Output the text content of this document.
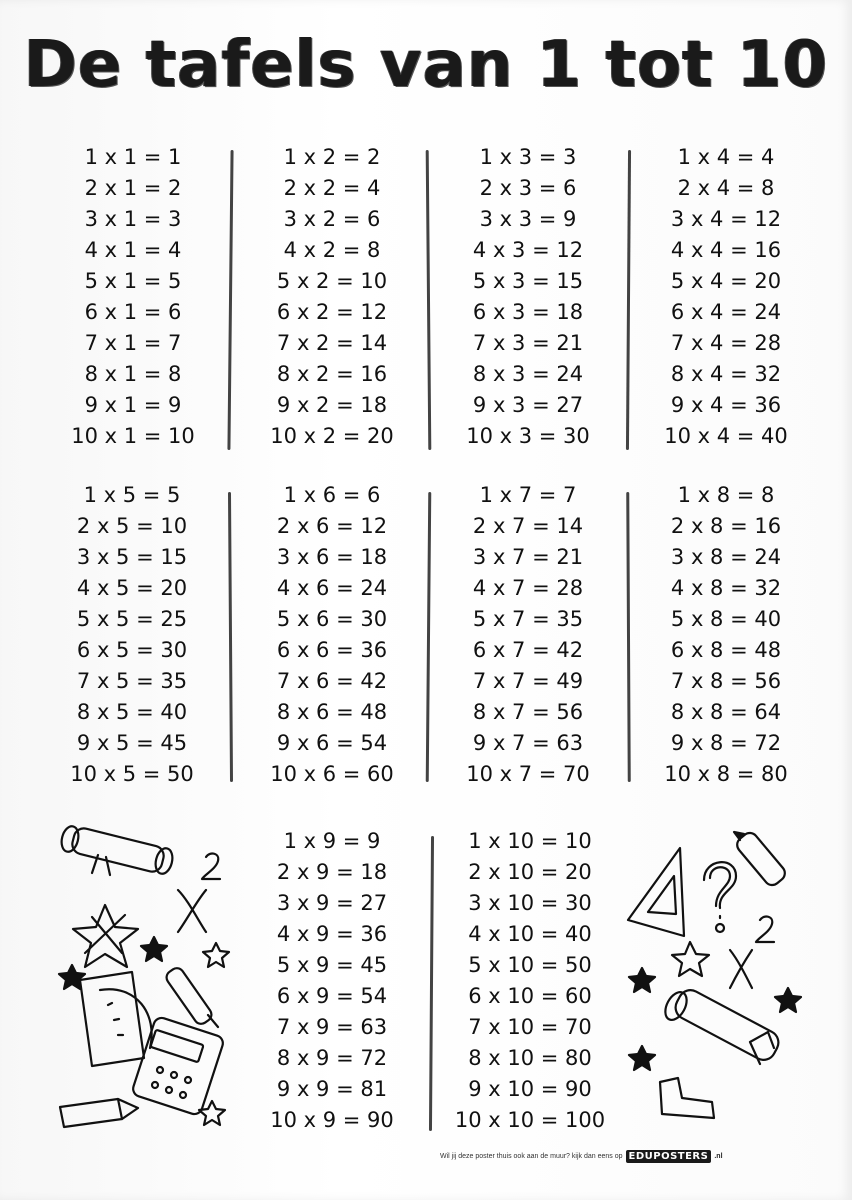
De tafels van 1 tot 10
1 x 1 = 1
2 x 1 = 2
3 x 1 = 3
4 x 1 = 4
5 x 1 = 5
6 x 1 = 6
7 x 1 = 7
8 x 1 = 8
9 x 1 = 9
10 x 1 = 10
1 x 2 = 2
2 x 2 = 4
3 x 2 = 6
4 x 2 = 8
5 x 2 = 10
6 x 2 = 12
7 x 2 = 14
8 x 2 = 16
9 x 2 = 18
10 x 2 = 20
1 x 3 = 3
2 x 3 = 6
3 x 3 = 9
4 x 3 = 12
5 x 3 = 15
6 x 3 = 18
7 x 3 = 21
8 x 3 = 24
9 x 3 = 27
10 x 3 = 30
1 x 4 = 4
2 x 4 = 8
3 x 4 = 12
4 x 4 = 16
5 x 4 = 20
6 x 4 = 24
7 x 4 = 28
8 x 4 = 32
9 x 4 = 36
10 x 4 = 40
1 x 5 = 5
2 x 5 = 10
3 x 5 = 15
4 x 5 = 20
5 x 5 = 25
6 x 5 = 30
7 x 5 = 35
8 x 5 = 40
9 x 5 = 45
10 x 5 = 50
1 x 6 = 6
2 x 6 = 12
3 x 6 = 18
4 x 6 = 24
5 x 6 = 30
6 x 6 = 36
7 x 6 = 42
8 x 6 = 48
9 x 6 = 54
10 x 6 = 60
1 x 7 = 7
2 x 7 = 14
3 x 7 = 21
4 x 7 = 28
5 x 7 = 35
6 x 7 = 42
7 x 7 = 49
8 x 7 = 56
9 x 7 = 63
10 x 7 = 70
1 x 8 = 8
2 x 8 = 16
3 x 8 = 24
4 x 8 = 32
5 x 8 = 40
6 x 8 = 48
7 x 8 = 56
8 x 8 = 64
9 x 8 = 72
10 x 8 = 80
1 x 9 = 9
2 x 9 = 18
3 x 9 = 27
4 x 9 = 36
5 x 9 = 45
6 x 9 = 54
7 x 9 = 63
8 x 9 = 72
9 x 9 = 81
10 x 9 = 90
1 x 10 = 10
2 x 10 = 20
3 x 10 = 30
4 x 10 = 40
5 x 10 = 50
6 x 10 = 60
7 x 10 = 70
8 x 10 = 80
9 x 10 = 90
10 x 10 = 100
Wil jij deze poster thuis ook aan de muur? kijk dan eens op EDUPOSTERS .nl
